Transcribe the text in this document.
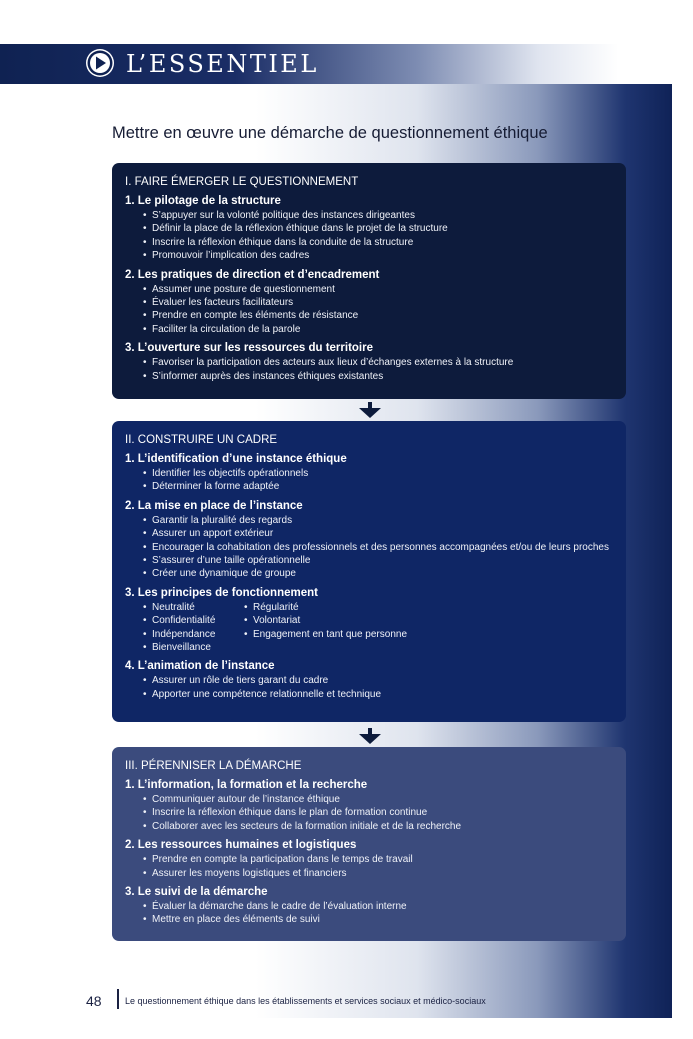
L’ESSENTIEL
Mettre en œuvre une démarche de questionnement éthique
I. FAIRE ÉMERGER LE QUESTIONNEMENT
1. Le pilotage de la structure
• S’appuyer sur la volonté politique des instances dirigeantes
• Définir la place de la réflexion éthique dans le projet de la structure
• Inscrire la réflexion éthique dans la conduite de la structure
• Promouvoir l’implication des cadres
2. Les pratiques de direction et d’encadrement
• Assumer une posture de questionnement
• Évaluer les facteurs facilitateurs
• Prendre en compte les éléments de résistance
• Faciliter la circulation de la parole
3. L’ouverture sur les ressources du territoire
• Favoriser la participation des acteurs aux lieux d’échanges externes à la structure
• S’informer auprès des instances éthiques existantes
II. CONSTRUIRE UN CADRE
1. L’identification d’une instance éthique
• Identifier les objectifs opérationnels
• Déterminer la forme adaptée
2. La mise en place de l’instance
• Garantir la pluralité des regards
• Assurer un apport extérieur
• Encourager la cohabitation des professionnels et des personnes accompagnées et/ou de leurs proches
• S’assurer d’une taille opérationnelle
• Créer une dynamique de groupe
3. Les principes de fonctionnement
• Neutralité
• Confidentialité
• Indépendance
• Bienveillance
• Régularité
• Volontariat
• Engagement en tant que personne
4. L’animation de l’instance
• Assurer un rôle de tiers garant du cadre
• Apporter une compétence relationnelle et technique
III. PÉRENNISER LA DÉMARCHE
1. L’information, la formation et la recherche
• Communiquer autour de l’instance éthique
• Inscrire la réflexion éthique dans le plan de formation continue
• Collaborer avec les secteurs de la formation initiale et de la recherche
2. Les ressources humaines et logistiques
• Prendre en compte la participation dans le temps de travail
• Assurer les moyens logistiques et financiers
3. Le suivi de la démarche
• Évaluer la démarche dans le cadre de l’évaluation interne
• Mettre en place des éléments de suivi
48	Le questionnement éthique dans les établissements et services sociaux et médico-sociaux
